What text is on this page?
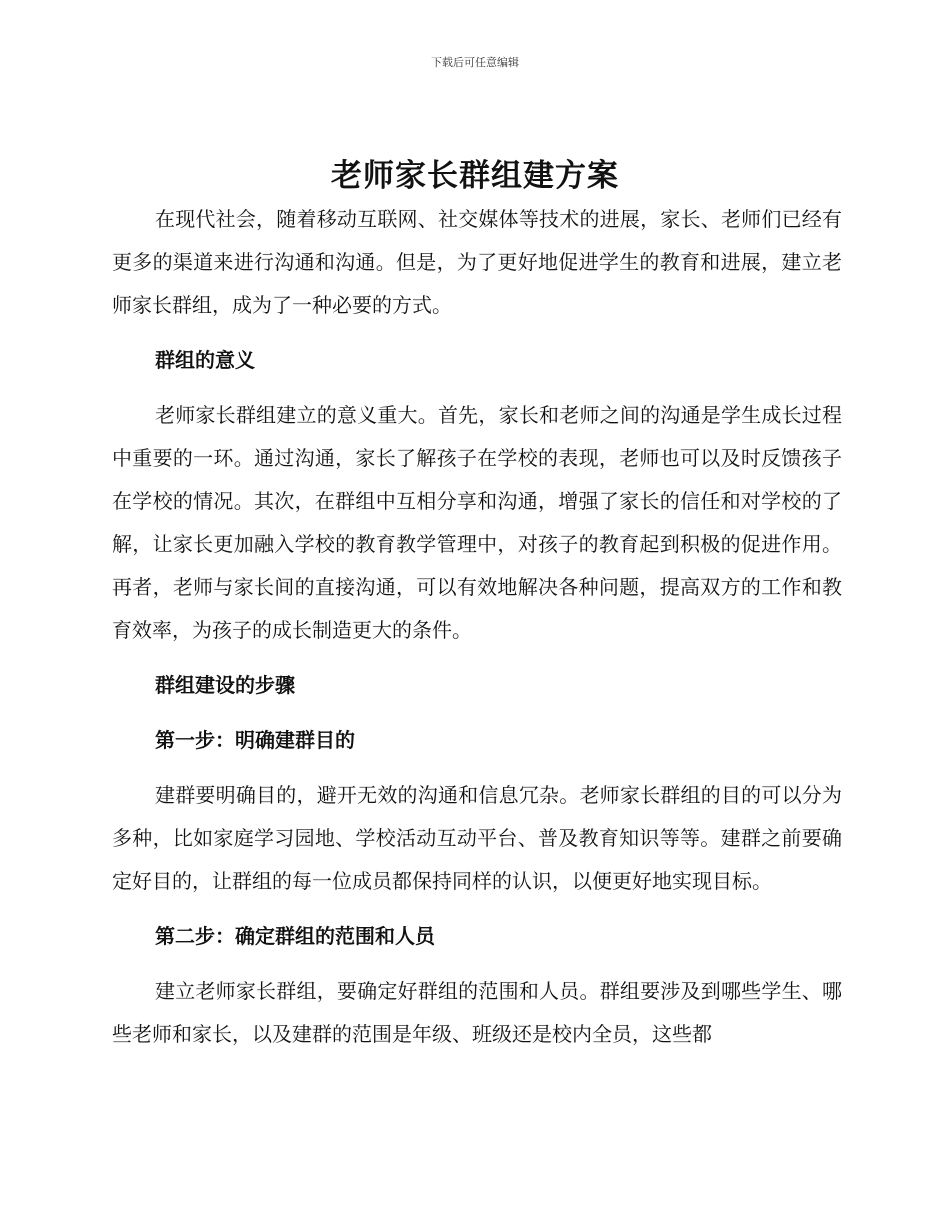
下载后可任意编辑
老师家长群组建方案

在现代社会，随着移动互联网、社交媒体等技术的进展，家长、老师们已经有更多的渠道来进行沟通和沟通。但是，为了更好地促进学生的教育和进展，建立老师家长群组，成为了一种必要的方式。

群组的意义

老师家长群组建立的意义重大。首先，家长和老师之间的沟通是学生成长过程中重要的一环。通过沟通，家长了解孩子在学校的表现，老师也可以及时反馈孩子在学校的情况。其次，在群组中互相分享和沟通，增强了家长的信任和对学校的了解，让家长更加融入学校的教育教学管理中，对孩子的教育起到积极的促进作用。再者，老师与家长间的直接沟通，可以有效地解决各种问题，提高双方的工作和教育效率，为孩子的成长制造更大的条件。

群组建设的步骤

第一步：明确建群目的

建群要明确目的，避开无效的沟通和信息冗杂。老师家长群组的目的可以分为多种，比如家庭学习园地、学校活动互动平台、普及教育知识等等。建群之前要确定好目的，让群组的每一位成员都保持同样的认识，以便更好地实现目标。

第二步：确定群组的范围和人员

建立老师家长群组，要确定好群组的范围和人员。群组要涉及到哪些学生、哪些老师和家长，以及建群的范围是年级、班级还是校内全员，这些都
